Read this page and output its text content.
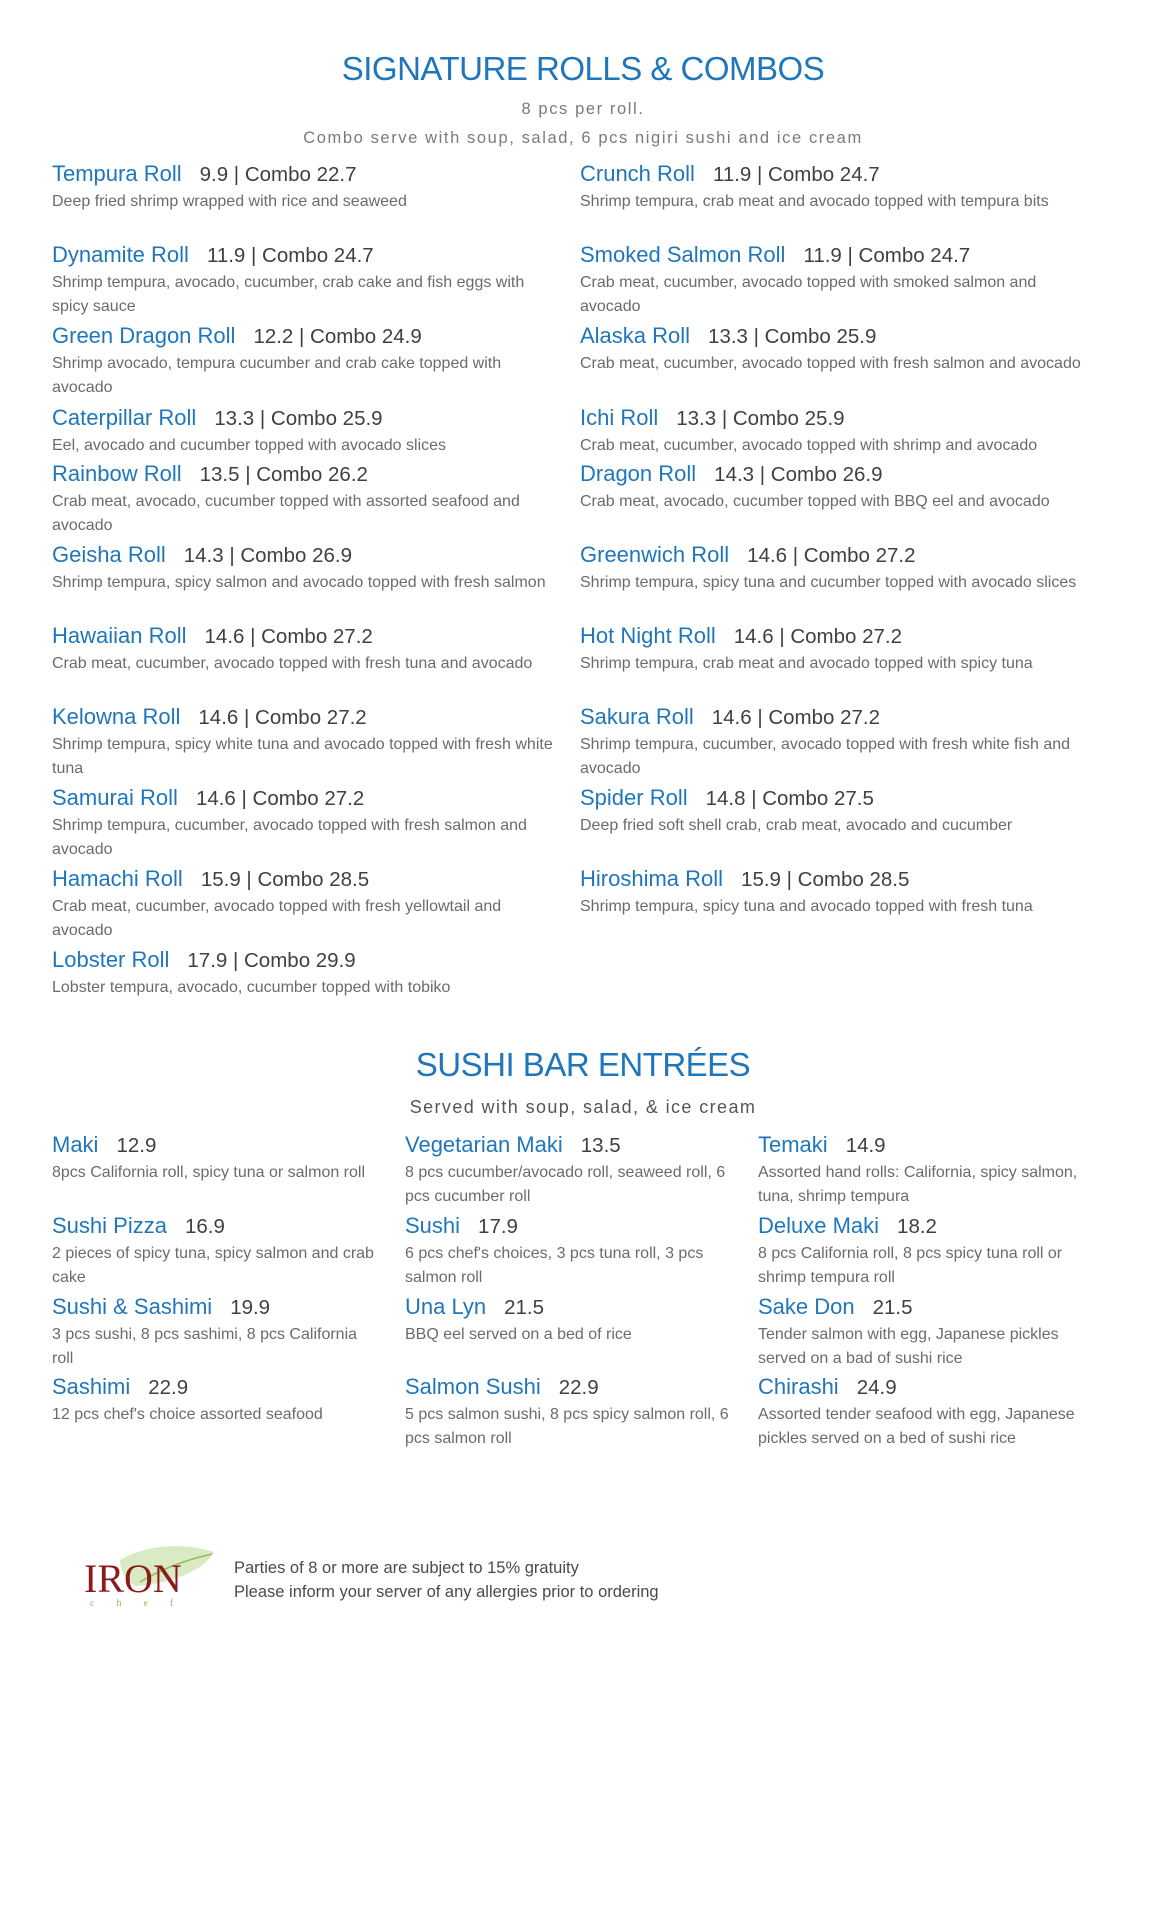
SIGNATURE ROLLS & COMBOS
8 pcs per roll.
Combo serve with soup, salad, 6 pcs nigiri sushi and ice cream
Tempura Roll 9.9 | Combo 22.7
Deep fried shrimp wrapped with rice and seaweed
Dynamite Roll 11.9 | Combo 24.7
Shrimp tempura, avocado, cucumber, crab cake and fish eggs with spicy sauce
Green Dragon Roll 12.2 | Combo 24.9
Shrimp avocado, tempura cucumber and crab cake topped with avocado
Caterpillar Roll 13.3 | Combo 25.9
Eel, avocado and cucumber topped with avocado slices
Rainbow Roll 13.5 | Combo 26.2
Crab meat, avocado, cucumber topped with assorted seafood and avocado
Geisha Roll 14.3 | Combo 26.9
Shrimp tempura, spicy salmon and avocado topped with fresh salmon
Hawaiian Roll 14.6 | Combo 27.2
Crab meat, cucumber, avocado topped with fresh tuna and avocado
Kelowna Roll 14.6 | Combo 27.2
Shrimp tempura, spicy white tuna and avocado topped with fresh white tuna
Samurai Roll 14.6 | Combo 27.2
Shrimp tempura, cucumber, avocado topped with fresh salmon and avocado
Hamachi Roll 15.9 | Combo 28.5
Crab meat, cucumber, avocado topped with fresh yellowtail and avocado
Lobster Roll 17.9 | Combo 29.9
Lobster tempura, avocado, cucumber topped with tobiko
Crunch Roll 11.9 | Combo 24.7
Shrimp tempura, crab meat and avocado topped with tempura bits
Smoked Salmon Roll 11.9 | Combo 24.7
Crab meat, cucumber, avocado topped with smoked salmon and avocado
Alaska Roll 13.3 | Combo 25.9
Crab meat, cucumber, avocado topped with fresh salmon and avocado
Ichi Roll 13.3 | Combo 25.9
Crab meat, cucumber, avocado topped with shrimp and avocado
Dragon Roll 14.3 | Combo 26.9
Crab meat, avocado, cucumber topped with BBQ eel and avocado
Greenwich Roll 14.6 | Combo 27.2
Shrimp tempura, spicy tuna and cucumber topped with avocado slices
Hot Night Roll 14.6 | Combo 27.2
Shrimp tempura, crab meat and avocado topped with spicy tuna
Sakura Roll 14.6 | Combo 27.2
Shrimp tempura, cucumber, avocado topped with fresh white fish and avocado
Spider Roll 14.8 | Combo 27.5
Deep fried soft shell crab, crab meat, avocado and cucumber
Hiroshima Roll 15.9 | Combo 28.5
Shrimp tempura, spicy tuna and avocado topped with fresh tuna
SUSHI BAR ENTRÉES
Served with soup, salad, & ice cream
Maki 12.9
8pcs California roll, spicy tuna or salmon roll
Sushi Pizza 16.9
2 pieces of spicy tuna, spicy salmon and crab cake
Sushi & Sashimi 19.9
3 pcs sushi, 8 pcs sashimi, 8 pcs California roll
Sashimi 22.9
12 pcs chef's choice assorted seafood
Vegetarian Maki 13.5
8 pcs cucumber/avocado roll, seaweed roll, 6 pcs cucumber roll
Sushi 17.9
6 pcs chef's choices, 3 pcs tuna roll, 3 pcs salmon roll
Una Lyn 21.5
BBQ eel served on a bed of rice
Salmon Sushi 22.9
5 pcs salmon sushi, 8 pcs spicy salmon roll, 6 pcs salmon roll
Temaki 14.9
Assorted hand rolls: California, spicy salmon, tuna, shrimp tempura
Deluxe Maki 18.2
8 pcs California roll, 8 pcs spicy tuna roll or shrimp tempura roll
Sake Don 21.5
Tender salmon with egg, Japanese pickles served on a bad of sushi rice
Chirashi 24.9
Assorted tender seafood with egg, Japanese pickles served on a bed of sushi rice
IRON
chef
Parties of 8 or more are subject to 15% gratuity
Please inform your server of any allergies prior to ordering
